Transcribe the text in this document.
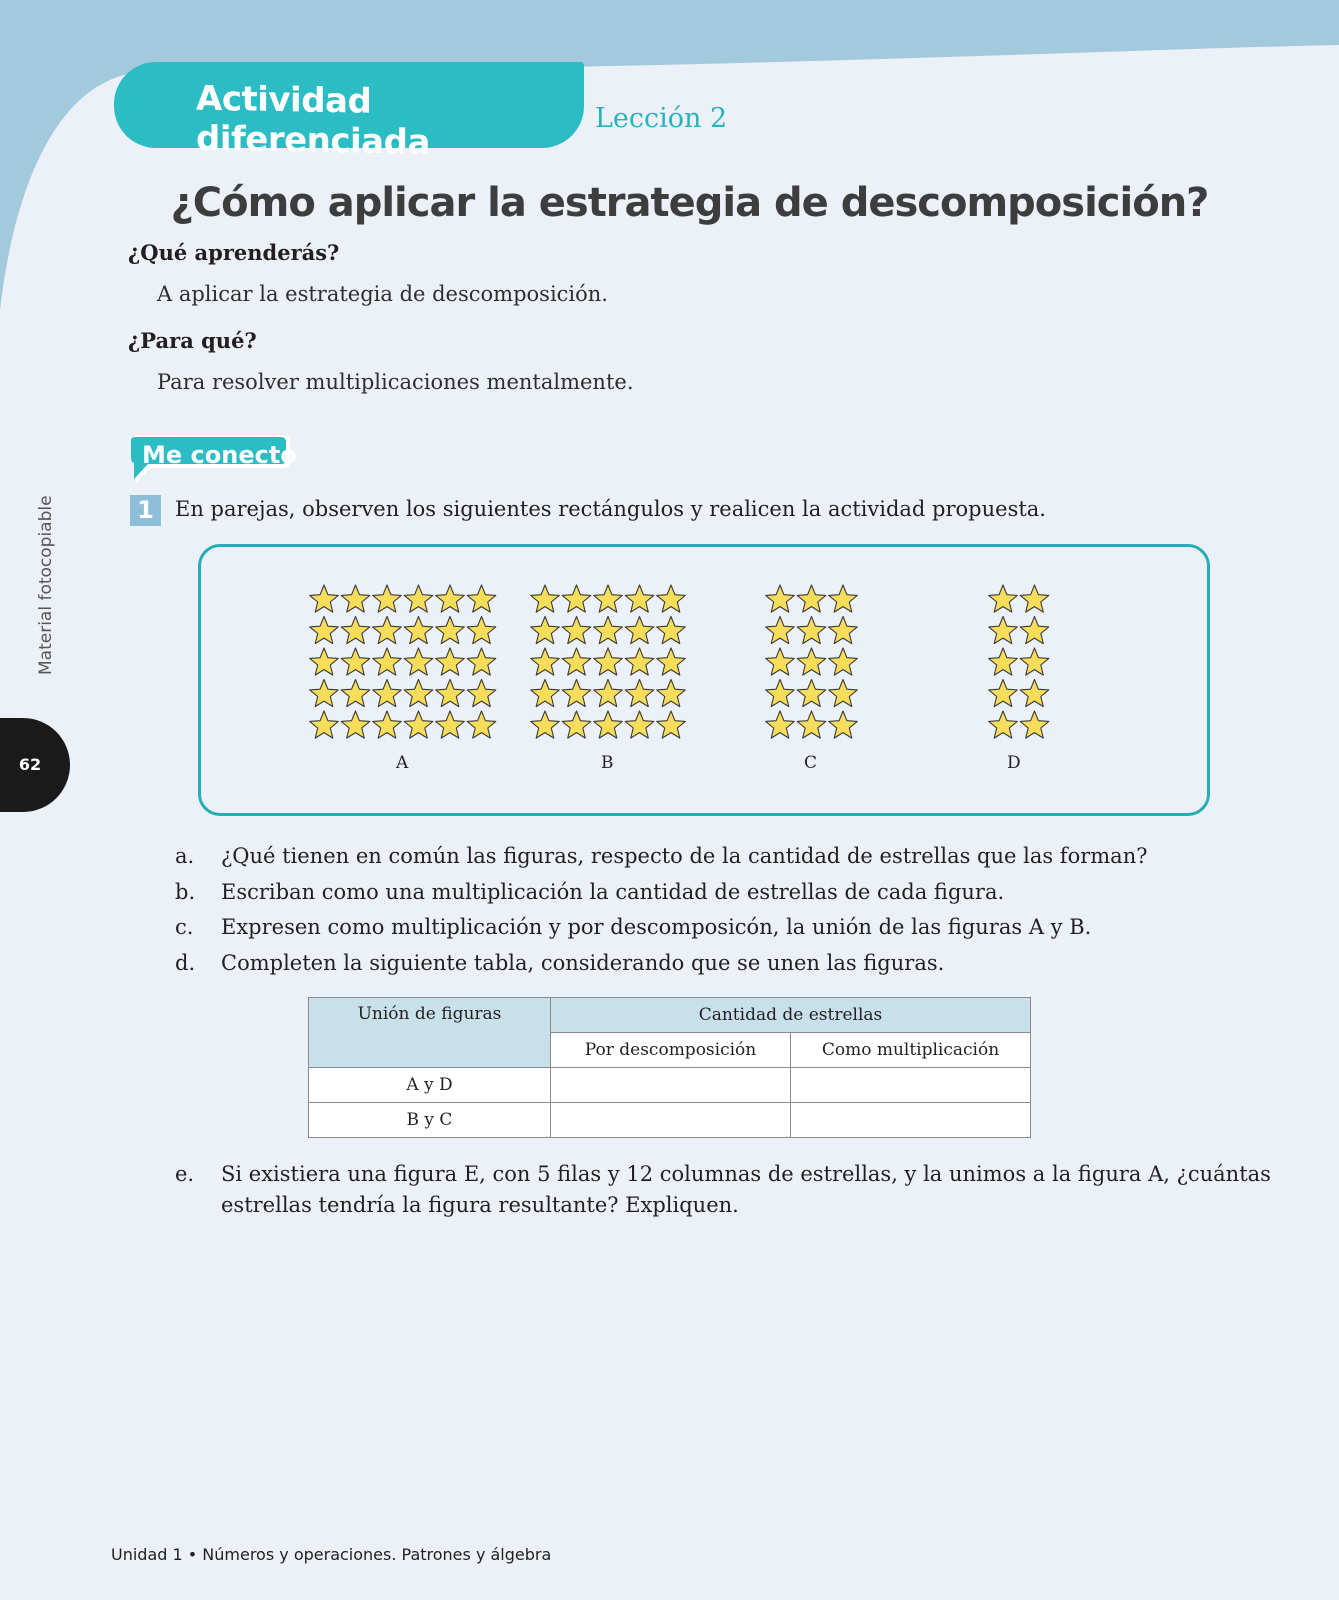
Actividad diferenciada
Lección 2
¿Cómo aplicar la estrategia de descomposición?
¿Qué aprenderás?
A aplicar la estrategia de descomposición.
¿Para qué?
Para resolver multiplicaciones mentalmente.
Me conecto
1	En parejas, observen los siguientes rectángulos y realicen la actividad propuesta.
A	B	C	D
a. ¿Qué tienen en común las figuras, respecto de la cantidad de estrellas que las forman?
b. Escriban como una multiplicación la cantidad de estrellas de cada figura.
c. Expresen como multiplicación y por descomposicón, la unión de las figuras A y B.
d. Completen la siguiente tabla, considerando que se unen las figuras.
Unión de figuras	Cantidad de estrellas	
	Por descomposición	Como multiplicación
A y D		
B y C		
e. Si existiera una figura E, con 5 filas y 12 columnas de estrellas, y la unimos a la figura A, ¿cuántas
estrellas tendría la figura resultante? Expliquen.
Material fotocopiable
62
Unidad 1 • Números y operaciones. Patrones y álgebra
